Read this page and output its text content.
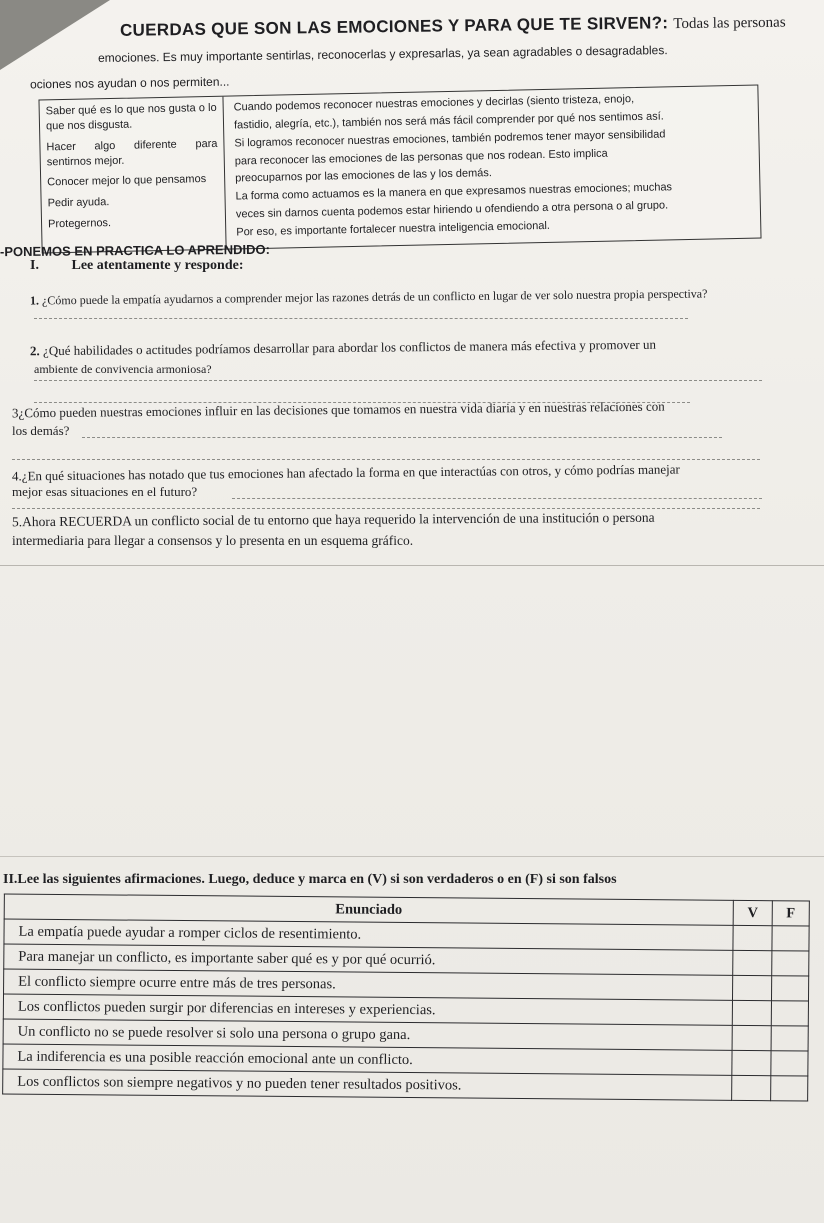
CUERDAS QUE SON LAS EMOCIONES Y PARA QUE TE SIRVEN?: Todas las personas
emociones. Es muy importante sentirlas, reconocerlas y expresarlas, ya sean agradables o desagradables.
ociones nos ayudan o nos permiten...
Saber qué es lo que nos gusta o lo que nos disgusta.
Hacer algo diferente para sentirnos mejor.
Conocer mejor lo que pensamos
Pedir ayuda.
Protegernos.
Cuando podemos reconocer nuestras emociones y decirlas (siento tristeza, enojo,
fastidio, alegría, etc.), también nos será más fácil comprender por qué nos sentimos así.
Si logramos reconocer nuestras emociones, también podremos tener mayor sensibilidad
para reconocer las emociones de las personas que nos rodean. Esto implica
preocuparnos por las emociones de las y los demás.
La forma como actuamos es la manera en que expresamos nuestras emociones; muchas
veces sin darnos cuenta podemos estar hiriendo u ofendiendo a otra persona o al grupo.
Por eso, es importante fortalecer nuestra inteligencia emocional.
-PONEMOS EN PRACTICA LO APRENDIDO:
I. Lee atentamente y responde:
1. ¿Cómo puede la empatía ayudarnos a comprender mejor las razones detrás de un conflicto en lugar de ver solo nuestra propia perspectiva?
2. ¿Qué habilidades o actitudes podríamos desarrollar para abordar los conflictos de manera más efectiva y promover un
ambiente de convivencia armoniosa?
3¿Cómo pueden nuestras emociones influir en las decisiones que tomamos en nuestra vida diaria y en nuestras relaciones con
los demás?
4.¿En qué situaciones has notado que tus emociones han afectado la forma en que interactúas con otros, y cómo podrías manejar
mejor esas situaciones en el futuro?
5.Ahora RECUERDA un conflicto social de tu entorno que haya requerido la intervención de una institución o persona
intermediaria para llegar a consensos y lo presenta en un esquema gráfico.
II.Lee las siguientes afirmaciones. Luego, deduce y marca en (V) si son verdaderos o en (F) si son falsos
Enunciado	V	F
La empatía puede ayudar a romper ciclos de resentimiento.		
Para manejar un conflicto, es importante saber qué es y por qué ocurrió.		
El conflicto siempre ocurre entre más de tres personas.		
Los conflictos pueden surgir por diferencias en intereses y experiencias.		
Un conflicto no se puede resolver si solo una persona o grupo gana.		
La indiferencia es una posible reacción emocional ante un conflicto.		
Los conflictos son siempre negativos y no pueden tener resultados positivos.		
